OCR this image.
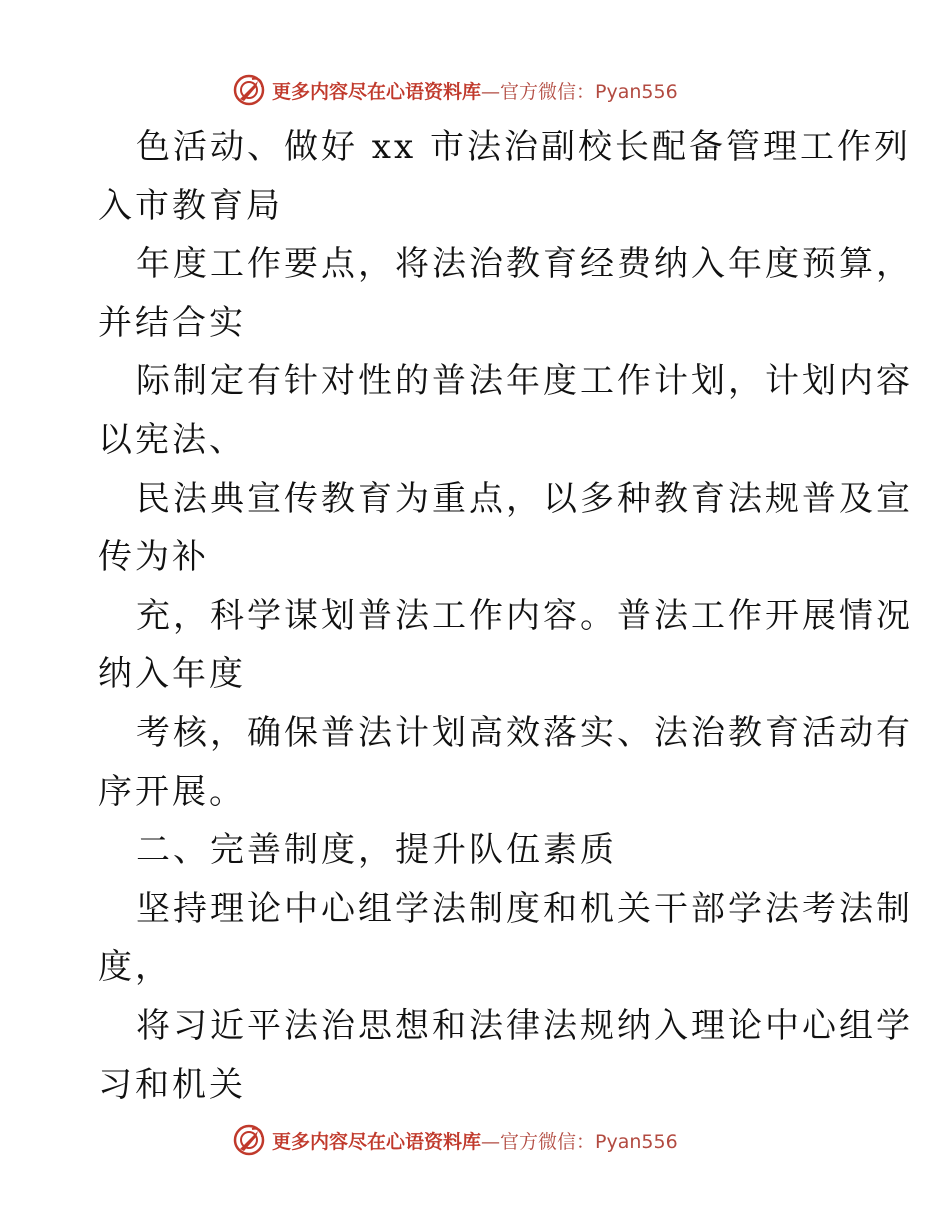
更多内容尽在心语资料库—官方微信：Pyan556
色活动、做好 xx 市法治副校长配备管理工作列
入市教育局
年度工作要点，将法治教育经费纳入年度预算，
并结合实
际制定有针对性的普法年度工作计划，计划内容
以宪法、
民法典宣传教育为重点，以多种教育法规普及宣
传为补
充，科学谋划普法工作内容。普法工作开展情况
纳入年度
考核，确保普法计划高效落实、法治教育活动有
序开展。
二、完善制度，提升队伍素质
坚持理论中心组学法制度和机关干部学法考法制
度，
将习近平法治思想和法律法规纳入理论中心组学
习和机关
更多内容尽在心语资料库—官方微信：Pyan556
